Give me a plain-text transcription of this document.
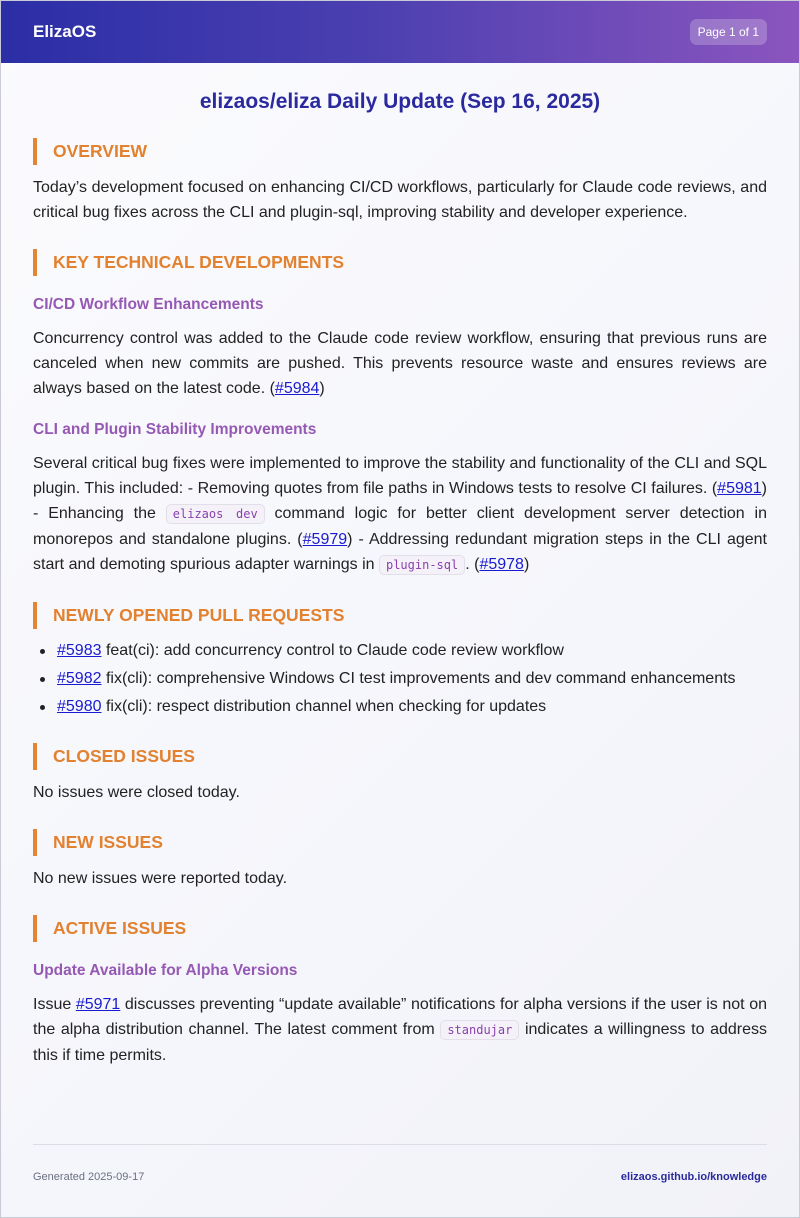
ElizaOS	Page 1 of 1
elizaos/eliza Daily Update (Sep 16, 2025)
OVERVIEW

Today’s development focused on enhancing CI/CD workflows, particularly for Claude code reviews, and critical bug fixes across the CLI and plugin-sql, improving stability and developer experience.

KEY TECHNICAL DEVELOPMENTS
CI/CD Workflow Enhancements

Concurrency control was added to the Claude code review workflow, ensuring that previous runs are canceled when new commits are pushed. This prevents resource waste and ensures reviews are always based on the latest code. (#5984)

CLI and Plugin Stability Improvements

Several critical bug fixes were implemented to improve the stability and functionality of the CLI and SQL plugin. This included: - Removing quotes from file paths in Windows tests to resolve CI failures. (#5981) - Enhancing the elizaos dev command logic for better client development server detection in monorepos and standalone plugins. (#5979) - Addressing redundant migration steps in the CLI agent start and demoting spurious adapter warnings in plugin-sql . (#5978)

NEWLY OPENED PULL REQUESTS
#5983 feat(ci): add concurrency control to Claude code review workflow
#5982 fix(cli): comprehensive Windows CI test improvements and dev command enhancements
#5980 fix(cli): respect distribution channel when checking for updates
CLOSED ISSUES

No issues were closed today.

NEW ISSUES

No new issues were reported today.

ACTIVE ISSUES
Update Available for Alpha Versions

Issue #5971 discusses preventing “update available” notifications for alpha versions if the user is not on the alpha distribution channel. The latest comment from standujar indicates a willingness to address this if time permits.

Generated 2025-09-17	elizaos.github.io/knowledge
